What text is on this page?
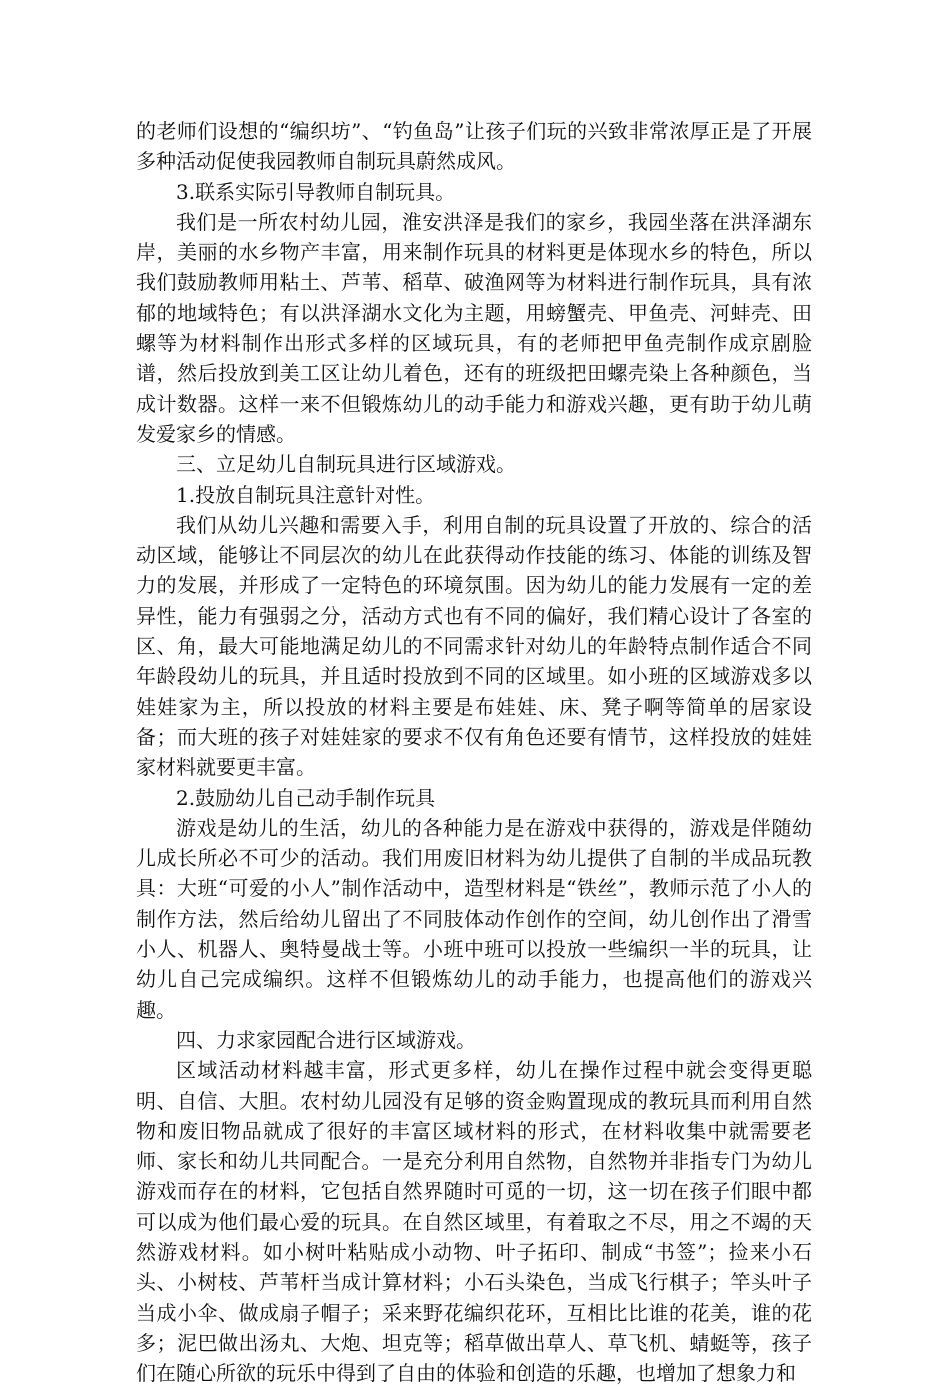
的老师们设想的“编织坊”、“钓鱼岛”让孩子们玩的兴致非常浓厚正是了开展多种活动促使我园教师自制玩具蔚然成风。

3.联系实际引导教师自制玩具。

我们是一所农村幼儿园，淮安洪泽是我们的家乡，我园坐落在洪泽湖东岸，美丽的水乡物产丰富，用来制作玩具的材料更是体现水乡的特色，所以我们鼓励教师用粘土、芦苇、稻草、破渔网等为材料进行制作玩具，具有浓郁的地域特色；有以洪泽湖水文化为主题，用螃蟹壳、甲鱼壳、河蚌壳、田螺等为材料制作出形式多样的区域玩具，有的老师把甲鱼壳制作成京剧脸谱，然后投放到美工区让幼儿着色，还有的班级把田螺壳染上各种颜色，当成计数器。这样一来不但锻炼幼儿的动手能力和游戏兴趣，更有助于幼儿萌发爱家乡的情感。

三、立足幼儿自制玩具进行区域游戏。

1.投放自制玩具注意针对性。

我们从幼儿兴趣和需要入手，利用自制的玩具设置了开放的、综合的活动区域，能够让不同层次的幼儿在此获得动作技能的练习、体能的训练及智力的发展，并形成了一定特色的环境氛围。因为幼儿的能力发展有一定的差异性，能力有强弱之分，活动方式也有不同的偏好，我们精心设计了各室的区、角，最大可能地满足幼儿的不同需求针对幼儿的年龄特点制作适合不同年龄段幼儿的玩具，并且适时投放到不同的区域里。如小班的区域游戏多以娃娃家为主，所以投放的材料主要是布娃娃、床、凳子啊等简单的居家设备；而大班的孩子对娃娃家的要求不仅有角色还要有情节，这样投放的娃娃家材料就要更丰富。

2.鼓励幼儿自己动手制作玩具

游戏是幼儿的生活，幼儿的各种能力是在游戏中获得的，游戏是伴随幼儿成长所必不可少的活动。我们用废旧材料为幼儿提供了自制的半成品玩教具：大班“可爱的小人”制作活动中，造型材料是“铁丝”，教师示范了小人的制作方法，然后给幼儿留出了不同肢体动作创作的空间，幼儿创作出了滑雪小人、机器人、奥特曼战士等。小班中班可以投放一些编织一半的玩具，让幼儿自己完成编织。这样不但锻炼幼儿的动手能力，也提高他们的游戏兴趣。

四、力求家园配合进行区域游戏。

区域活动材料越丰富，形式更多样，幼儿在操作过程中就会变得更聪明、自信、大胆。农村幼儿园没有足够的资金购置现成的教玩具而利用自然物和废旧物品就成了很好的丰富区域材料的形式，在材料收集中就需要老师、家长和幼儿共同配合。一是充分利用自然物，自然物并非指专门为幼儿游戏而存在的材料，它包括自然界随时可觅的一切，这一切在孩子们眼中都可以成为他们最心爱的玩具。在自然区域里，有着取之不尽，用之不竭的天然游戏材料。如小树叶粘贴成小动物、叶子拓印、制成“书签”；捡来小石头、小树枝、芦苇杆当成计算材料；小石头染色，当成飞行棋子；竿头叶子当成小伞、做成扇子帽子；采来野花编织花环，互相比比谁的花美，谁的花多；泥巴做出汤丸、大炮、坦克等；稻草做出草人、草飞机、蜻蜓等，孩子们在随心所欲的玩乐中得到了自由的体验和创造的乐趣，也增加了想象力和
